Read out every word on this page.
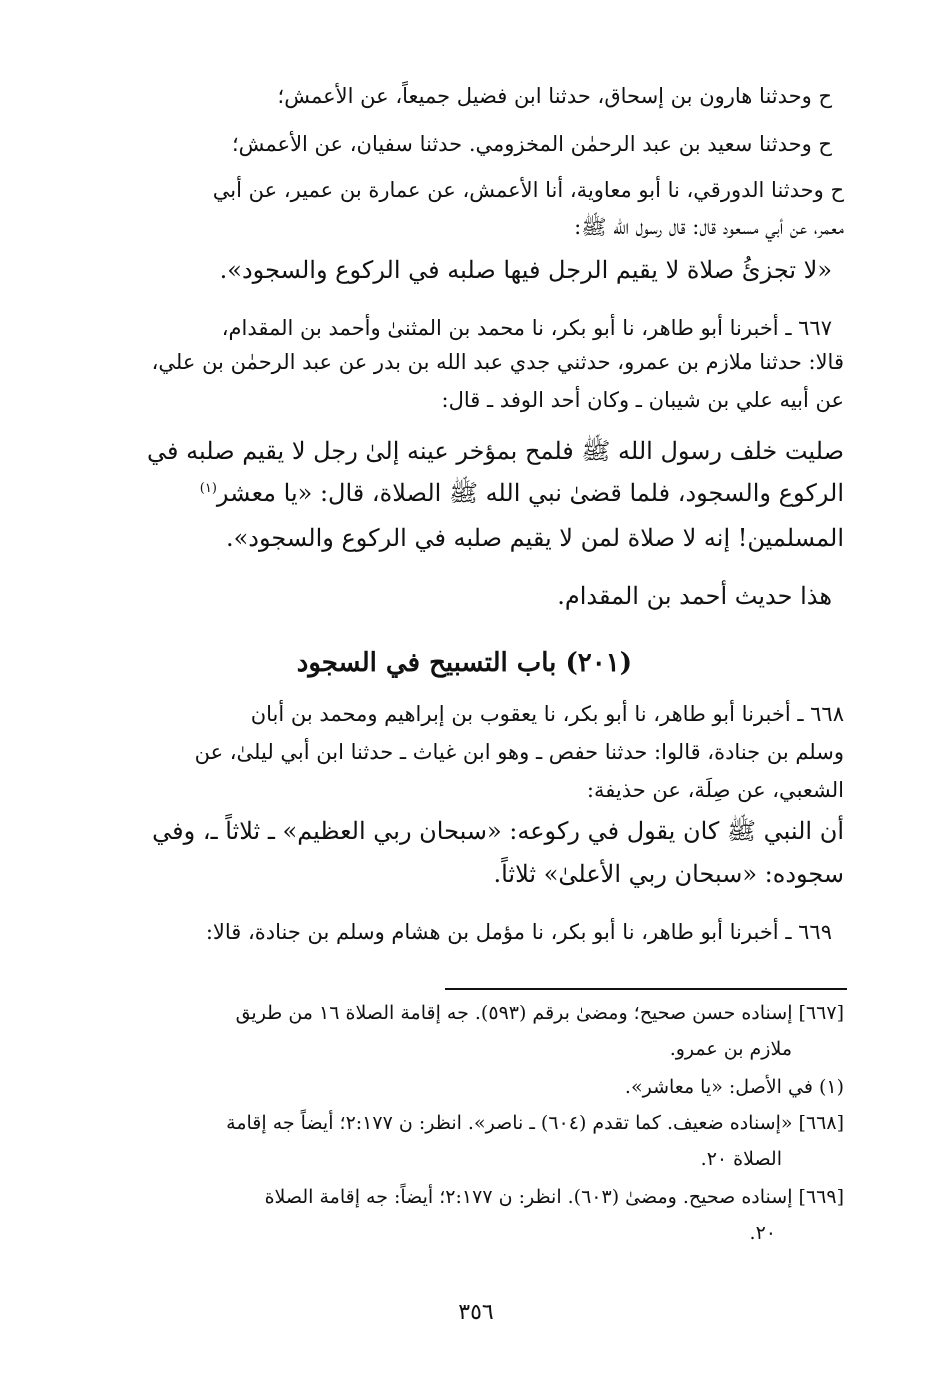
ح وحدثنا هارون بن إسحاق، حدثنا ابن فضيل جميعاً، عن الأعمش؛
ح وحدثنا سعيد بن عبد الرحمٰن المخزومي. حدثنا سفيان، عن الأعمش؛
ح وحدثنا الدورقي، نا أبو معاوية، أنا الأعمش، عن عمارة بن عمير، عن أبي
معمر، عن أبي مسعود قال: قال رسول الله ﷺ:
«لا تجزئُ صلاة لا يقيم الرجل فيها صلبه في الركوع والسجود».
٦٦٧ ـ أخبرنا أبو طاهر، نا أبو بكر، نا محمد بن المثنىٰ وأحمد بن المقدام،
قالا: حدثنا ملازم بن عمرو، حدثني جدي عبد الله بن بدر عن عبد الرحمٰن بن علي،
عن أبيه علي بن شيبان ـ وكان أحد الوفد ـ قال:
صليت خلف رسول الله ﷺ فلمح بمؤخر عينه إلىٰ رجل لا يقيم صلبه في
الركوع والسجود، فلما قضىٰ نبي الله ﷺ الصلاة، قال: «يا معشر$^{(١)}$
المسلمين! إنه لا صلاة لمن لا يقيم صلبه في الركوع والسجود».
هذا حديث أحمد بن المقدام.
(٢٠١) باب التسبيح في السجود
٦٦٨ ـ أخبرنا أبو طاهر، نا أبو بكر، نا يعقوب بن إبراهيم ومحمد بن أبان
وسلم بن جنادة، قالوا: حدثنا حفص ـ وهو ابن غياث ـ حدثنا ابن أبي ليلىٰ، عن
الشعبي، عن صِلَة، عن حذيفة:
أن النبي ﷺ كان يقول في ركوعه: «سبحان ربي العظيم» ـ ثلاثاً ـ، وفي
سجوده: «سبحان ربي الأعلىٰ» ثلاثاً.
٦٦٩ ـ أخبرنا أبو طاهر، نا أبو بكر، نا مؤمل بن هشام وسلم بن جنادة، قالا:
[٦٦٧] إسناده حسن صحيح؛ ومضىٰ برقم (٥٩٣). جه إقامة الصلاة ١٦ من طريق
ملازم بن عمرو.
(١) في الأصل: «يا معاشر».
[٦٦٨] «إسناده ضعيف. كما تقدم (٦٠٤) ـ ناصر». انظر: ن ٢:١٧٧؛ أيضاً جه إقامة
الصلاة ٢٠.
[٦٦٩] إسناده صحيح. ومضىٰ (٦٠٣). انظر: ن ٢:١٧٧؛ أيضاً: جه إقامة الصلاة
٢٠.
٣٥٦
